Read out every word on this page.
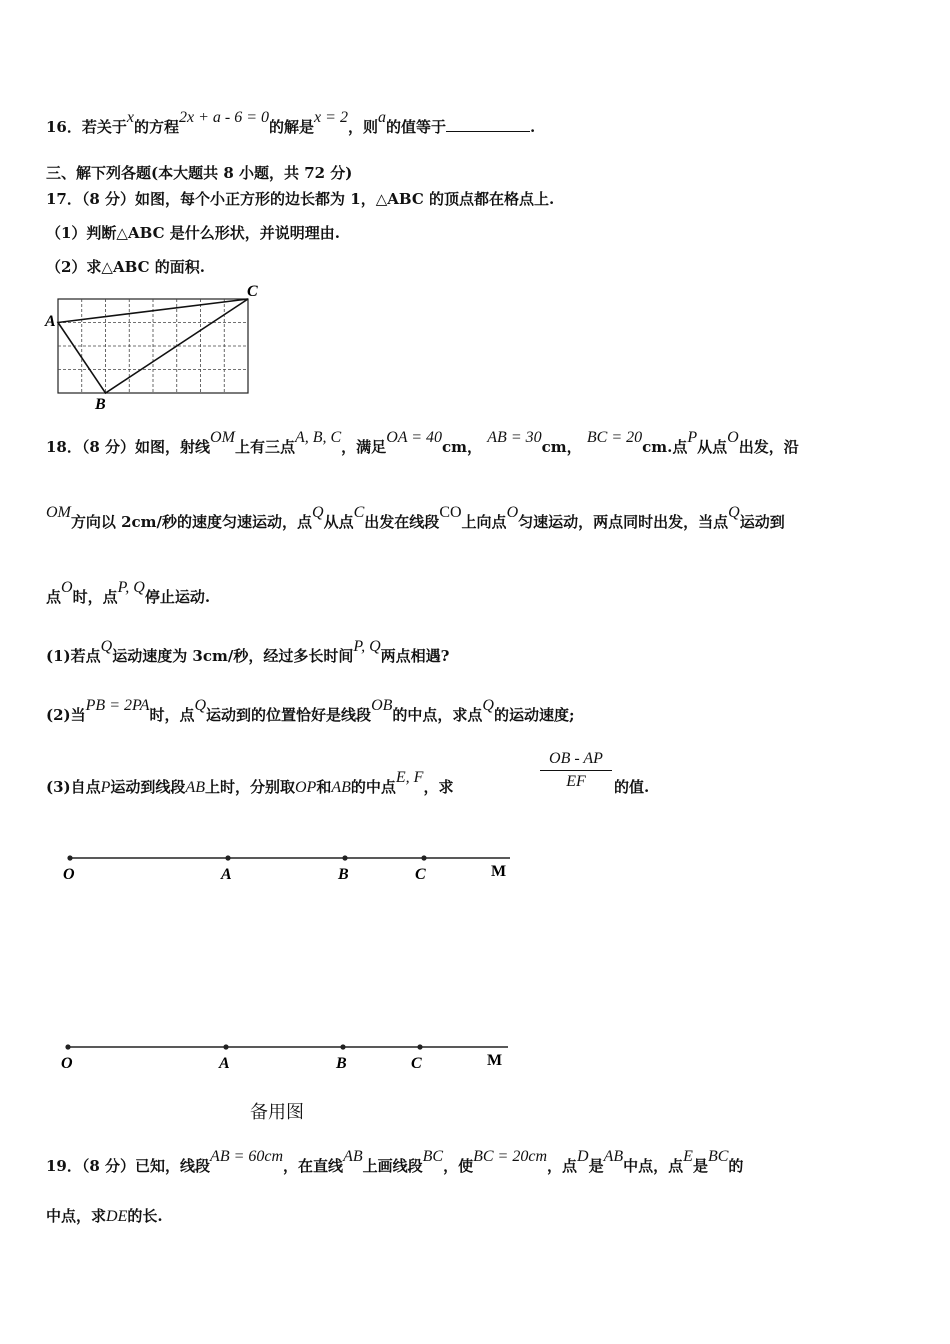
16．若关于x的方程2x + a - 6 = 0的解是x = 2，则a的值等于	.
三、解下列各题(本大题共 8 小题，共 72 分)
17．（8 分）如图，每个小正方形的边长都为 1，△ABC 的顶点都在格点上.
（1）判断△ABC 是什么形状，并说明理由.
（2）求△ABC 的面积.
A
B
C
18．（8 分）如图，射线OM上有三点A, B, C，满足OA = 40cm， AB = 30cm， BC = 20cm.点P从点O出发，沿
OM方向以 2cm/秒的速度匀速运动，点Q从点C出发在线段CO上向点O匀速运动，两点同时出发，当点Q运动到
点O时，点P, Q停止运动.
(1)若点Q运动速度为 3cm/秒，经过多长时间P, Q两点相遇?
(2)当PB = 2PA时，点Q运动到的位置恰好是线段OB的中点，求点Q的运动速度;
(3)自点P运动到线段AB上时，分别取OP和AB的中点E, F，求
OB - AP
EF	的值.
O	A	B	C	M
O	A	B	C	M
备用图
19．（8 分）已知，线段AB = 60cm，在直线AB上画线段BC，使BC = 20cm，点D是AB中点，点E是BC的
中点，求DE的长.
